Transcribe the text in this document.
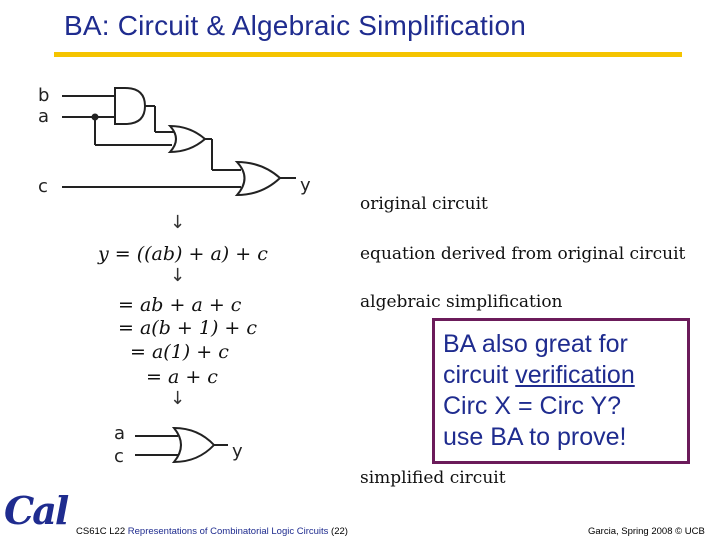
BA: Circuit & Algebraic Simplification
b
a
c	y
a
c	y
↓
↓
↓
y = ((ab) + a) + c
= ab + a + c
= a(b + 1) + c
= a(1) + c
= a + c
original circuit
equation derived from original circuit
algebraic simplification
simplified circuit
BA also great for
circuit verification
Circ X = Circ Y?
use BA to prove!
Cal CS61C L22 Representations of Combinatorial Logic Circuits (22)	Garcia, Spring 2008 © UCB
